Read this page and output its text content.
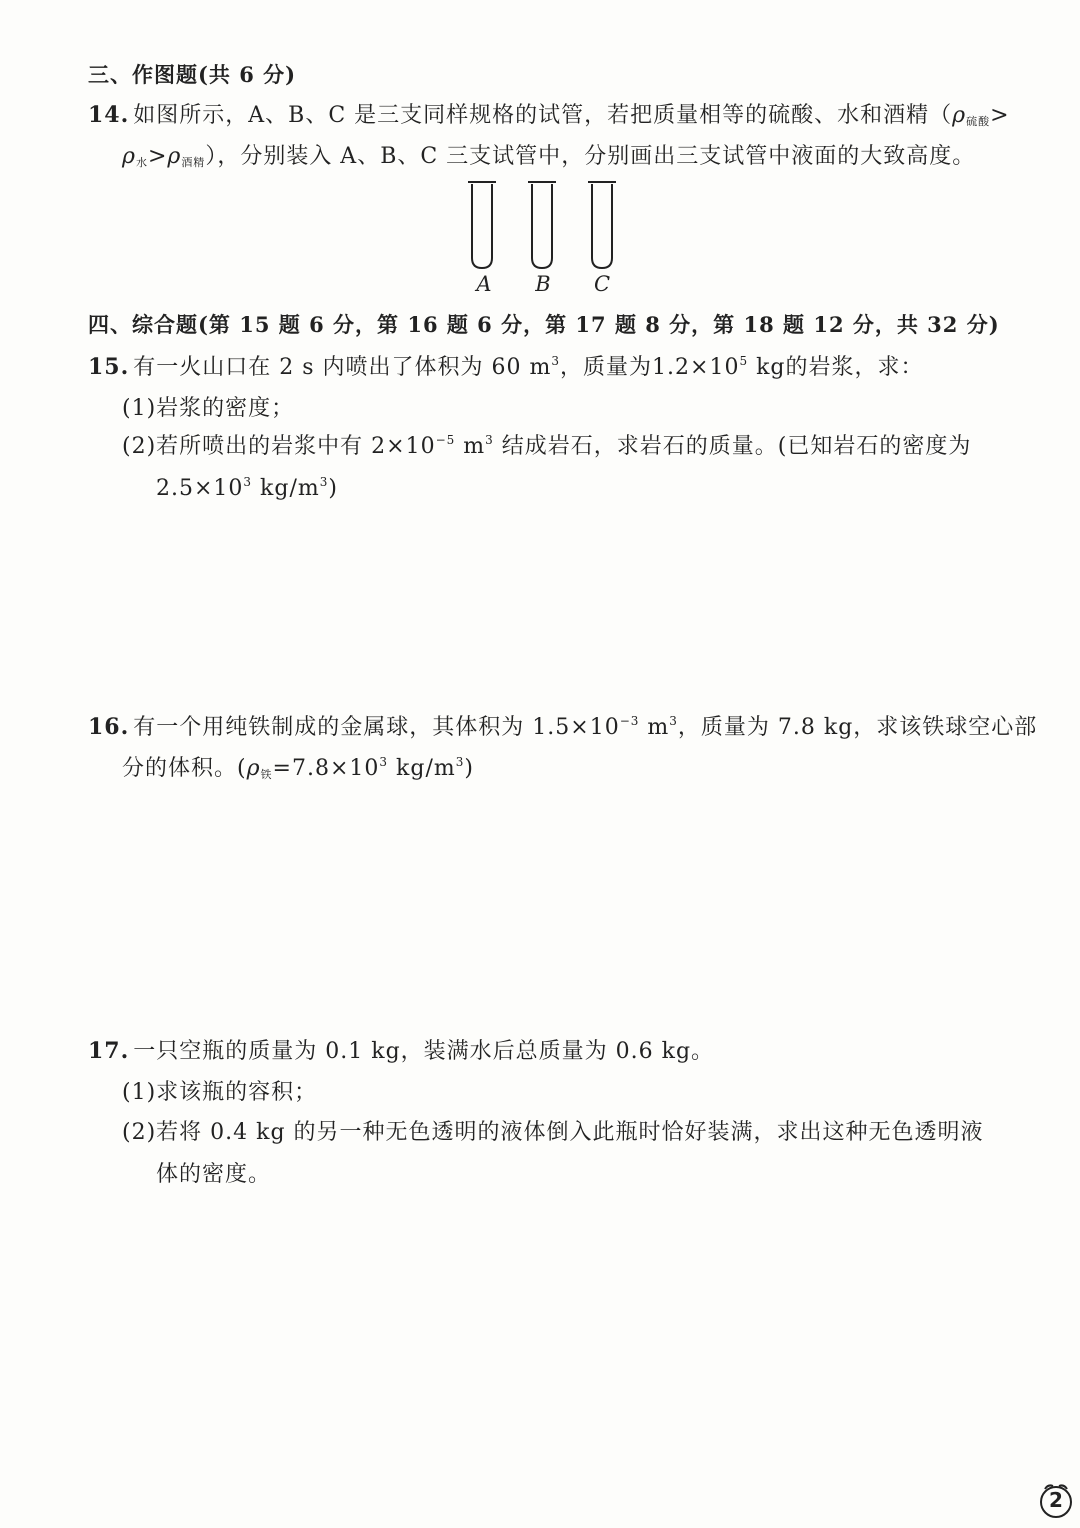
三、作图题(共 6 分)
14. 如图所示，A、B、C 是三支同样规格的试管，若把质量相等的硫酸、水和酒精（$\rho_{硫酸}>$
$\rho_水>\rho_{酒精}$），分别装入 A、B、C 三支试管中，分别画出三支试管中液面的大致高度。
A B C
四、综合题(第 15 题 6 分，第 16 题 6 分，第 17 题 8 分，第 18 题 12 分，共 32 分)
15. 有一火山口在 2 s 内喷出了体积为 60 $m^3$，质量为$1.2\times 10^5$ kg的岩浆，求：
(1)岩浆的密度；
(2)若所喷出的岩浆中有 $2\times 10^{-5}$ $m^3$ 结成岩石，求岩石的质量。(已知岩石的密度为
$2.5\times 10^3$ $kg/m^3$)
16. 有一个用纯铁制成的金属球，其体积为 $1.5\times 10^{-3}$ $m^3$，质量为 7.8 kg，求该铁球空心部
分的体积。($\rho_铁=7.8\times 10^3$ $kg/m^3$)
17. 一只空瓶的质量为 0.1 kg，装满水后总质量为 0.6 kg。
(1)求该瓶的容积；
(2)若将 0.4 kg 的另一种无色透明的液体倒入此瓶时恰好装满，求出这种无色透明液
体的密度。
2
